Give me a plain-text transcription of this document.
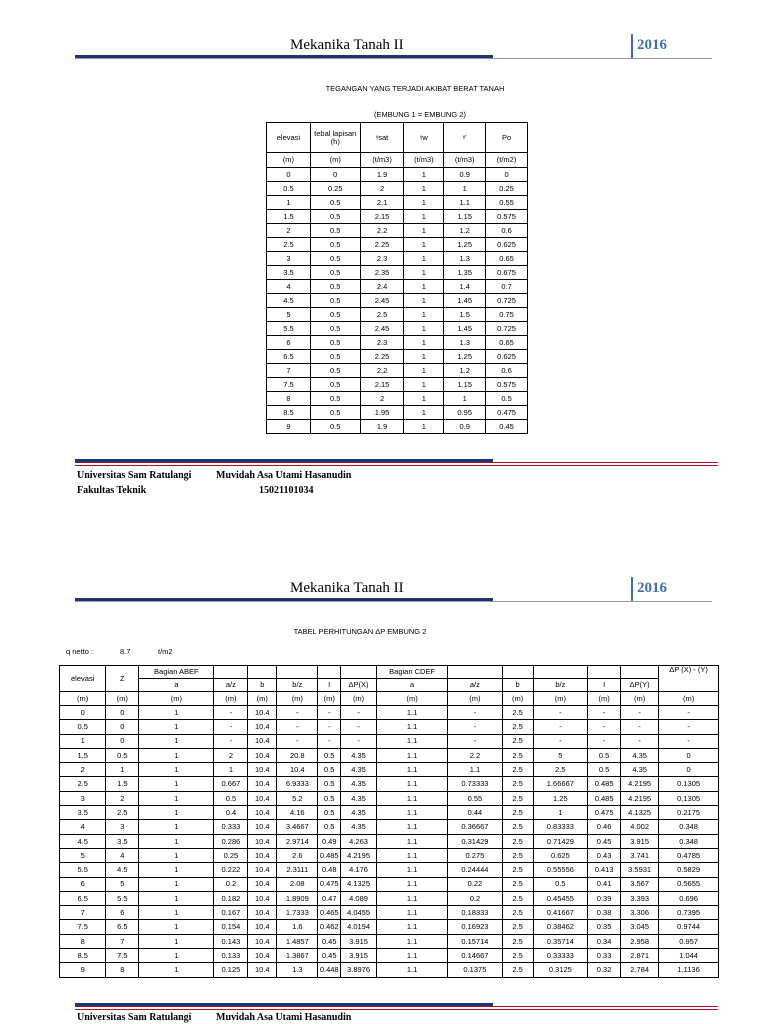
Mekanika Tanah II	2016
TEGANGAN YANG TERJADI AKIBAT BERAT TANAH
(EMBUNG 1 = EMBUNG 2)
elevasi	tebal lapisan (h)	ᵞsat	ᵞw	ᵞ'	Po
(m)	(m)	(t/m3)	(t/m3)	(t/m3)	(t/m2)
0	0	1.9	1	0.9	0
0.5	0.25	2	1	1	0.25
1	0.5	2.1	1	1.1	0.55
1.5	0.5	2.15	1	1.15	0.575
2	0.5	2.2	1	1.2	0.6
2.5	0.5	2.25	1	1.25	0.625
3	0.5	2.3	1	1.3	0.65
3.5	0.5	2.35	1	1.35	0.675
4	0.5	2.4	1	1.4	0.7
4.5	0.5	2.45	1	1.45	0.725
5	0.5	2.5	1	1.5	0.75
5.5	0.5	2.45	1	1.45	0.725
6	0.5	2.3	1	1.3	0.65
6.5	0.5	2.25	1	1.25	0.625
7	0.5	2.2	1	1.2	0.6
7.5	0.5	2.15	1	1.15	0.575
8	0.5	2	1	1	0.5
8.5	0.5	1.95	1	0.95	0.475
9	0.5	1.9	1	0.9	0.45
Universitas Sam Ratulangi Muvidah Asa Utami Hasanudin
Fakultas Teknik	15021101034
Mekanika Tanah II	2016
TABEL PERHITUNGAN ΔP EMBUNG 2
q netto :	8.7	t/m2
elevasi	Z	Bagian ABEF						Bagian CDEF						ΔP (X) - (Y)
		a	a/z	b	b/z	I	ΔP(X)	a	a/z	b	b/z	I	ΔP(Y)	
(m)	(m)	(m)	(m)	(m)	(m)	(m)	(m)	(m)	(m)	(m)	(m)	(m)	(m)	(m)
0	0	1	-	10.4	-	-	-	1.1	-	2.5	-	-	-	-
0.5	0	1	-	10.4	-	-	-	1.1	-	2.5	-	-	-	-
1	0	1	-	10.4	-	-	-	1.1	-	2.5	-	-	-	-
1.5	0.5	1	2	10.4	20.8	0.5	4.35	1.1	2.2	2.5	5	0.5	4.35	0
2	1	1	1	10.4	10.4	0.5	4.35	1.1	1.1	2.5	2.5	0.5	4.35	0
2.5	1.5	1	0.667	10.4	6.9333	0.5	4.35	1.1	0.73333	2.5	1.66667	0.485	4.2195	0.1305
3	2	1	0.5	10.4	5.2	0.5	4.35	1.1	0.55	2.5	1.25	0.485	4.2195	0.1305
3.5	2.5	1	0.4	10.4	4.16	0.5	4.35	1.1	0.44	2.5	1	0.475	4.1325	0.2175
4	3	1	0.333	10.4	3.4667	0.5	4.35	1.1	0.36667	2.5	0.83333	0.46	4.002	0.348
4.5	3.5	1	0.286	10.4	2.9714	0.49	4.263	1.1	0.31429	2.5	0.71429	0.45	3.915	0.348
5	4	1	0.25	10.4	2.6	0.485	4.2195	1.1	0.275	2.5	0.625	0.43	3.741	0.4785
5.5	4.5	1	0.222	10.4	2.3111	0.48	4.176	1.1	0.24444	2.5	0.55556	0.413	3.5931	0.5829
6	5	1	0.2	10.4	2.08	0.475	4.1325	1.1	0.22	2.5	0.5	0.41	3.567	0.5655
6.5	5.5	1	0.182	10.4	1.8909	0.47	4.089	1.1	0.2	2.5	0.45455	0.39	3.393	0.696
7	6	1	0.167	10.4	1.7333	0.465	4.0455	1.1	0.18333	2.5	0.41667	0.38	3.306	0.7395
7.5	6.5	1	0.154	10.4	1.6	0.462	4.0194	1.1	0.16923	2.5	0.38462	0.35	3.045	0.9744
8	7	1	0.143	10.4	1.4857	0.45	3.915	1.1	0.15714	2.5	0.35714	0.34	2.958	0.957
8.5	7.5	1	0.133	10.4	1.3867	0.45	3.915	1.1	0.14667	2.5	0.33333	0.33	2.871	1.044
9	8	1	0.125	10.4	1.3	0.448	3.8976	1.1	0.1375	2.5	0.3125	0.32	2.784	1.1136
Universitas Sam Ratulangi Muvidah Asa Utami Hasanudin
